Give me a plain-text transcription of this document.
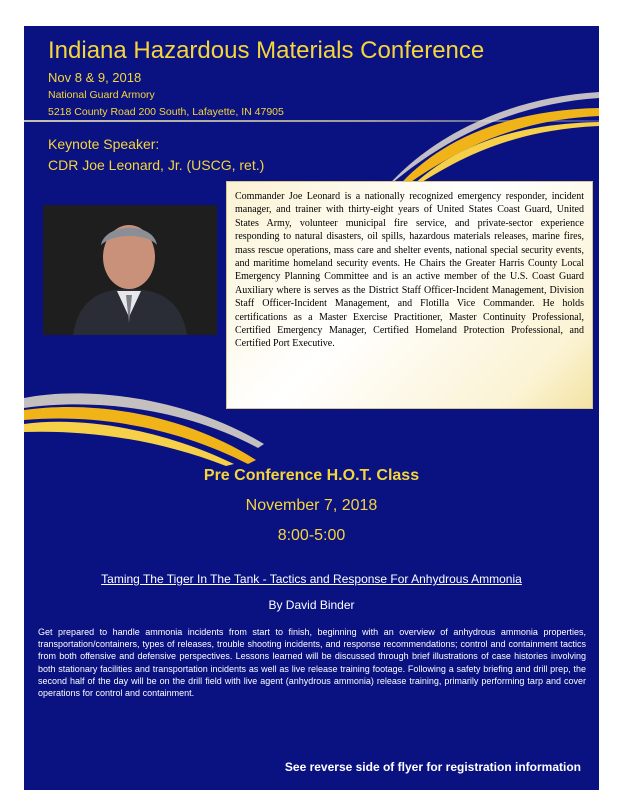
Indiana Hazardous Materials Conference
Nov 8 & 9, 2018
National Guard Armory
5218 County Road 200 South, Lafayette, IN 47905
Keynote Speaker:
CDR Joe Leonard, Jr. (USCG, ret.)
Commander Joe Leonard is a nationally recognized emergency responder, incident manager, and trainer with thirty-eight years of United States Coast Guard, United States Army, volunteer municipal fire service, and private-sector experience responding to natural disasters, oil spills, hazardous materials releases, marine fires, mass rescue operations, mass care and shelter events, national special security events, and maritime homeland security events. He Chairs the Greater Harris County Local Emergency Planning Committee and is an active member of the U.S. Coast Guard Auxiliary where is serves as the District Staff Officer-Incident Management, Division Staff Officer-Incident Management, and Flotilla Vice Commander. He holds certifications as a Master Exercise Practitioner, Master Continuity Professional, Certified Emergency Manager, Certified Homeland Protection Professional, and Certified Port Executive.
Pre Conference H.O.T. Class
November 7, 2018
8:00-5:00
Taming The Tiger In The Tank - Tactics and Response For Anhydrous Ammonia
By David Binder
Get prepared to handle ammonia incidents from start to finish, beginning with an overview of anhydrous ammonia properties, transportation/containers, types of releases, trouble shooting incidents, and response recommendations; control and containment tactics from both offensive and defensive perspectives. Lessons learned will be discussed through brief illustrations of case histories involving both stationary facilities and transportation incidents as well as live release training footage. Following a safety briefing and drill prep, the second half of the day will be on the drill field with live agent (anhydrous ammonia) release training, primarily performing tarp and cover operations for control and containment.
See reverse side of flyer for registration information
